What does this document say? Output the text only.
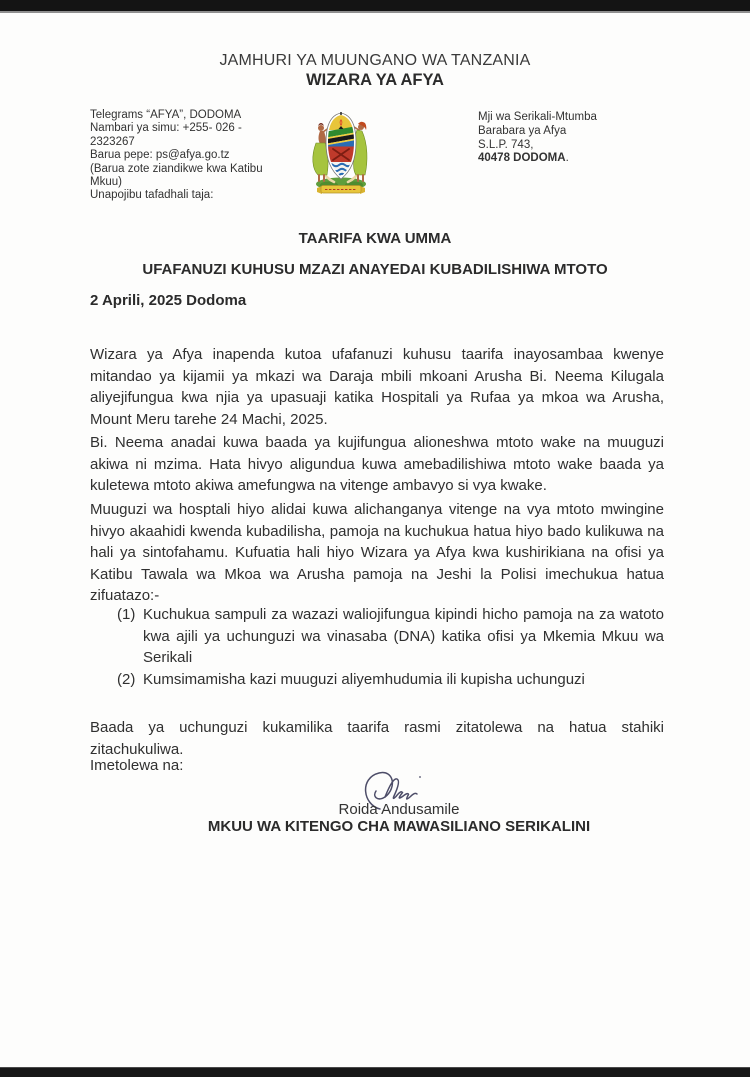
JAMHURI YA MUUNGANO WA TANZANIA
WIZARA YA AFYA
Telegrams “AFYA”, DODOMA
Nambari ya simu: +255- 026 -
2323267
Barua pepe: ps@afya.go.tz
(Barua zote ziandikwe kwa Katibu
Mkuu)
Unapojibu tafadhali taja:
Mji wa Serikali-Mtumba
Barabara ya Afya
S.L.P. 743,
40478 DODOMA.
TAARIFA KWA UMMA
UFAFANUZI KUHUSU MZAZI ANAYEDAI KUBADILISHIWA MTOTO
2 Aprili, 2025 Dodoma

Wizara ya Afya inapenda kutoa ufafanuzi kuhusu taarifa inayosambaa kwenye mitandao ya kijamii ya mkazi wa Daraja mbili mkoani Arusha Bi. Neema Kilugala aliyejifungua kwa njia ya upasuaji katika Hospitali ya Rufaa ya mkoa wa Arusha, Mount Meru tarehe 24 Machi, 2025.

Bi. Neema anadai kuwa baada ya kujifungua alioneshwa mtoto wake na muuguzi akiwa ni mzima. Hata hivyo aligundua kuwa amebadilishiwa mtoto wake baada ya kuletewa mtoto akiwa amefungwa na vitenge ambavyo si vya kwake.

Muuguzi wa hosptali hiyo alidai kuwa alichanganya vitenge na vya mtoto mwingine hivyo akaahidi kwenda kubadilisha, pamoja na kuchukua hatua hiyo bado kulikuwa na hali ya sintofahamu. Kufuatia hali hiyo Wizara ya Afya kwa kushirikiana na ofisi ya Katibu Tawala wa Mkoa wa Arusha pamoja na Jeshi la Polisi imechukua hatua zifuatazo:-

(1) Kuchukua sampuli za wazazi waliojifungua kipindi hicho pamoja na za watoto kwa ajili ya uchunguzi wa vinasaba (DNA) katika ofisi ya Mkemia Mkuu wa Serikali
(2) Kumsimamisha kazi muuguzi aliyemhudumia ili kupisha uchunguzi

Baada ya uchunguzi kukamilika taarifa rasmi zitatolewa na hatua stahiki zitachukuliwa.

Imetolewa na:
Roida Andusamile
MKUU WA KITENGO CHA MAWASILIANO SERIKALINI
